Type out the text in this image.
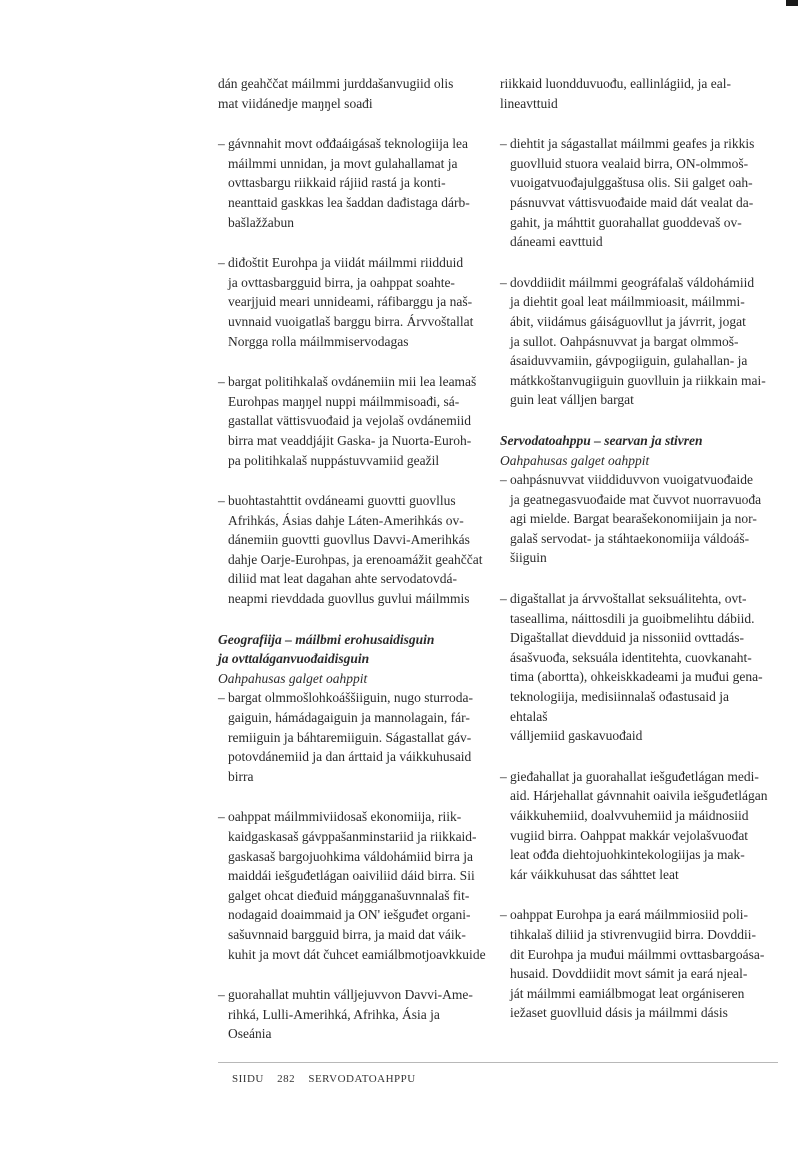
dán geahččat máilmmi jurddašanvugiid olis
mat viidánedje maŋŋel soađi

– gávnnahit movt ođđaáigásaš teknologiija lea
máilmmi unnidan, ja movt gulahallamat ja
ovttasbargu riikkaid rájiid rastá ja konti-
neanttaid gaskkas lea šaddan dađistaga dárb-
bašlažžabun

– diđoštit Eurohpa ja viidát máilmmi riidduid
ja ovttasbargguid birra, ja oahppat soahte-
vearjjuid meari unnideami, ráfibarggu ja naš-
uvnnaid vuoigatlaš barggu birra. Árvvoštallat
Norgga rolla máilmmiservodagas

– bargat politihkalaš ovdánemiin mii lea leamaš
Eurohpas maŋŋel nuppi máilmmisoađi, sá-
gastallat vättisvuođaid ja vejolaš ovdánemiid
birra mat veaddjájit Gaska- ja Nuorta-Euroh-
pa politihkalaš nuppástuvvamiid geažil

– buohtastahttit ovdáneami guovtti guovllus
Afrihkás, Ásias dahje Láten-Amerihkás ov-
dánemiin guovtti guovllus Davvi-Amerihkás
dahje Oarje-Eurohpas, ja erenoamážit geahččat
diliid mat leat dagahan ahte servodatovdá-
neapmi rievddada guovllus guvlui máilmmis

Geografiija – máilbmi erohusaidisguin
ja ovttaláganvuođaidisguin

Oahpahusas galget oahppit

– bargat olmmošlohkoáššiiguin, nugo sturroda-
gaiguin, hámádagaiguin ja mannolagain, fár-
remiiguin ja báhtaremiiguin. Ságastallat gáv-
potovdánemiid ja dan árttaid ja váikkuhusaid
birra

– oahppat máilmmiviidosaš ekonomiija, riik-
kaidgaskasaš gávppašanminstariid ja riikkaid-
gaskasaš bargojuohkima váldohámiid birra ja
maiddái iešguđetlágan oaiviliid dáid birra. Sii
galget ohcat dieđuid máŋgganašuvnnalaš fit-
nodagaid doaimmaid ja ON' iešguđet organi-
sašuvnnaid bargguid birra, ja maid dat váik-
kuhit ja movt dát čuhcet eamiálbmotjoavkkuide

– guorahallat muhtin válljejuvvon Davvi-Ame-
rihká, Lulli-Amerihká, Afrihka, Ásia ja Oseánia

riikkaid luondduvuođu, eallinlágiid, ja eal-
lineavttuid

– diehtit ja ságastallat máilmmi geafes ja rikkis
guovlluid stuora vealaid birra, ON-olmmoš-
vuoigatvuođajulggaštusa olis. Sii galget oah-
pásnuvvat váttisvuođaide maid dát vealat da-
gahit, ja máhttit guorahallat guoddevaš ov-
dáneami eavttuid

– dovddiidit máilmmi geográfalaš váldohámiid
ja diehtit goal leat máilmmioasit, máilmmi-
ábit, viidámus gáiságuovllut ja jávrrit, jogat
ja sullot. Oahpásnuvvat ja bargat olmmoš-
ásaiduvvamiin, gávpogiiguin, gulahallan- ja
mátkkoštanvugiiguin guovlluin ja riikkain mai-
guin leat válljen bargat

Servodatoahppu – searvan ja stivren

Oahpahusas galget oahppit

– oahpásnuvvat viiddiduvvon vuoigatvuođaide
ja geatnegasvuođaide mat čuvvot nuorravuođa
agi mielde. Bargat bearašekonomiijain ja nor-
galaš servodat- ja stáhtaekonomiija váldoáš-
šiiguin

– digaštallat ja árvvoštallat seksuálitehta, ovt-
taseallima, náittosdili ja guoibmelihtu dábiid.
Digaštallat dievdduid ja nissoniid ovttadás-
ásašvuođa, seksuála identitehta, cuovkanaht-
tima (abortta), ohkeiskkadeami ja muđui gena-
teknologiija, medisiinnalaš ođastusaid ja ehtalaš
válljemiid gaskavuođaid

– gieđahallat ja guorahallat iešguđetlágan medi-
aid. Hárjehallat gávnnahit oaivila iešguđetlágan
váikkuhemiid, doalvvuhemiid ja máidnosiid
vugiid birra. Oahppat makkár vejolašvuođat
leat ođđa diehtojuohkintekologiijas ja mak-
kár váikkuhusat das sáhttet leat

– oahppat Eurohpa ja eará máilmmiosiid poli-
tihkalaš diliid ja stivrenvugiid birra. Dovddii-
dit Eurohpa ja muđui máilmmi ovttasbargoása-
husaid. Dovddiidit movt sámit ja eará njeal-
ját máilmmi eamiálbmogat leat orgániseren
iežaset guovlluid dásis ja máilmmi dásis

SIIDU 282 SERVODATOAHPPU
